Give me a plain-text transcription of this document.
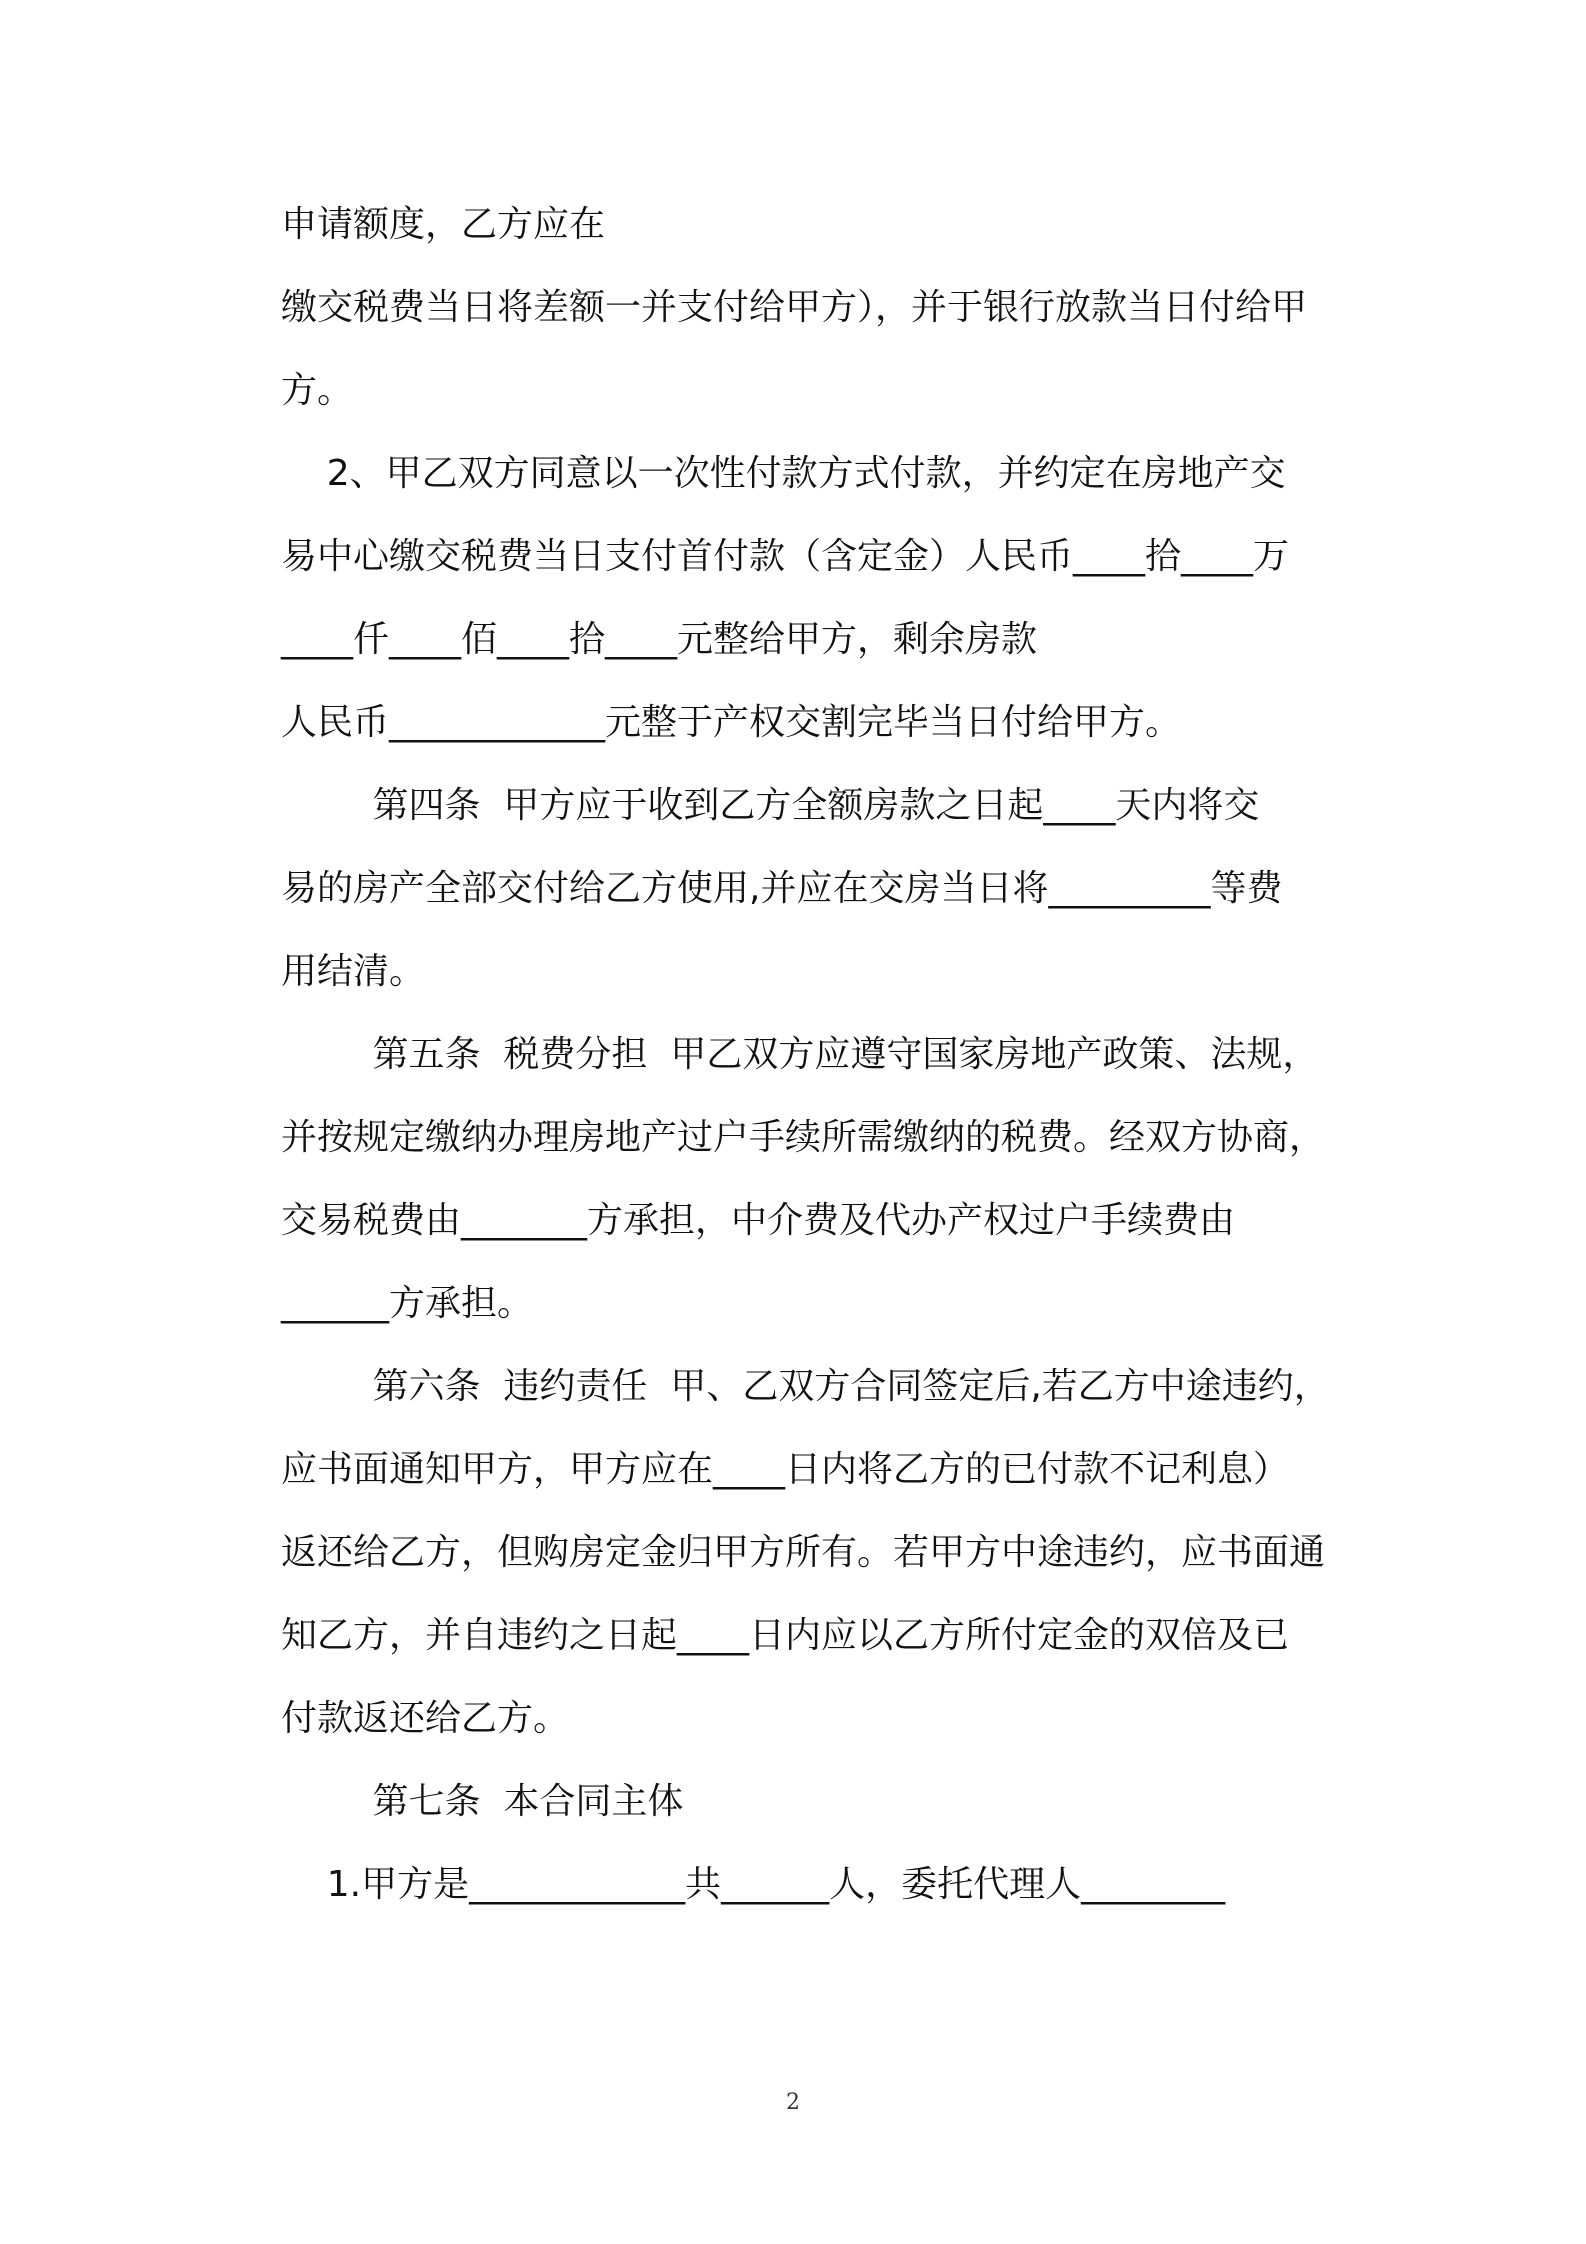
申请额度，乙方应在
缴交税费当日将差额一并支付给甲方），并于银行放款当日付给甲
方。
2、甲乙双方同意以一次性付款方式付款，并约定在房地产交
易中心缴交税费当日支付首付款（含定金）人民币____拾____万
____仟____佰____拾____元整给甲方，剩余房款
人民币____________元整于产权交割完毕当日付给甲方。
第四条  甲方应于收到乙方全额房款之日起____天内将交
易的房产全部交付给乙方使用,并应在交房当日将_________等费
用结清。
第五条  税费分担  甲乙双方应遵守国家房地产政策、法规，
并按规定缴纳办理房地产过户手续所需缴纳的税费。经双方协商，
交易税费由_______方承担，中介费及代办产权过户手续费由
______方承担。
第六条  违约责任  甲、乙双方合同签定后,若乙方中途违约，
应书面通知甲方，甲方应在____日内将乙方的已付款不记利息）
返还给乙方，但购房定金归甲方所有。若甲方中途违约，应书面通
知乙方，并自违约之日起____日内应以乙方所付定金的双倍及已
付款返还给乙方。
第七条  本合同主体
1.甲方是____________共______人，委托代理人________
2
